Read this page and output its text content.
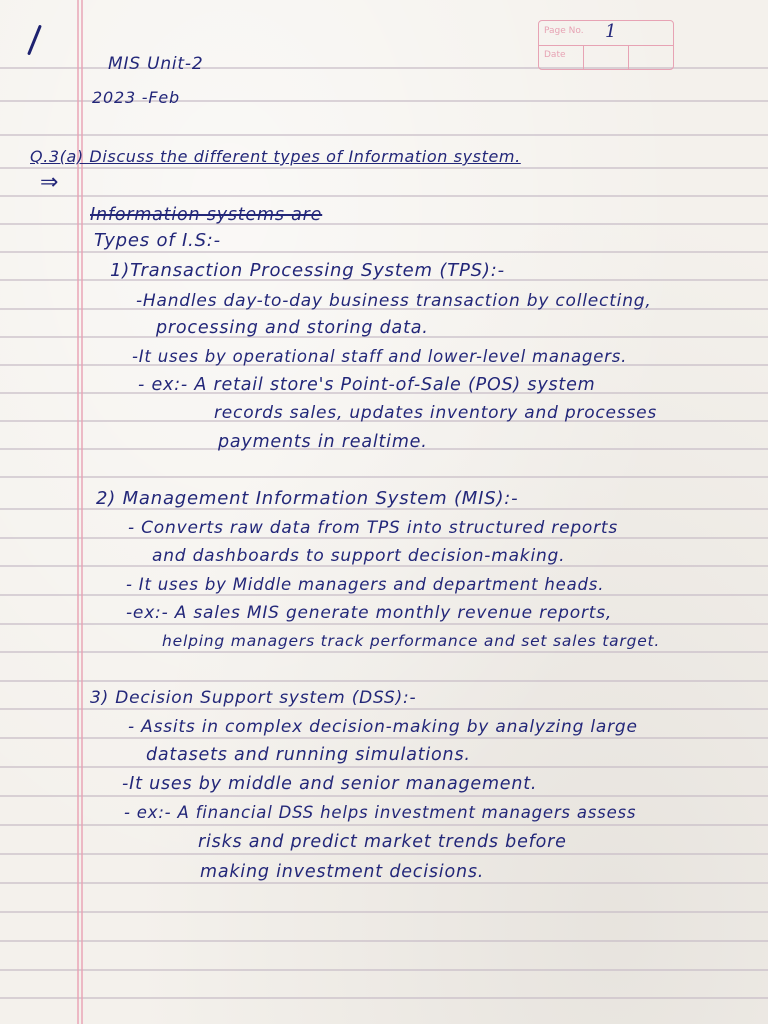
Page No. 1
Date
MIS Unit-2
2023 -Feb
Q.3(a) Discuss the different types of Information system.
⇒
Information systems are
Types of I.S:-
1)Transaction Processing System (TPS):-
-Handles day-to-day business transaction by collecting,
processing and storing data.
-It uses by operational staff and lower-level managers.
- ex:- A retail store's Point-of-Sale (POS) system
records sales, updates inventory and processes
payments in realtime.
2) Management Information System (MIS):-
- Converts raw data from TPS into structured reports
and dashboards to support decision-making.
- It uses by Middle managers and department heads.
-ex:- A sales MIS generate monthly revenue reports,
helping managers track performance and set sales target.
3) Decision Support system (DSS):-
- Assits in complex decision-making by analyzing large
datasets and running simulations.
-It uses by middle and senior management.
- ex:- A financial DSS helps investment managers assess
risks and predict market trends before
making investment decisions.
